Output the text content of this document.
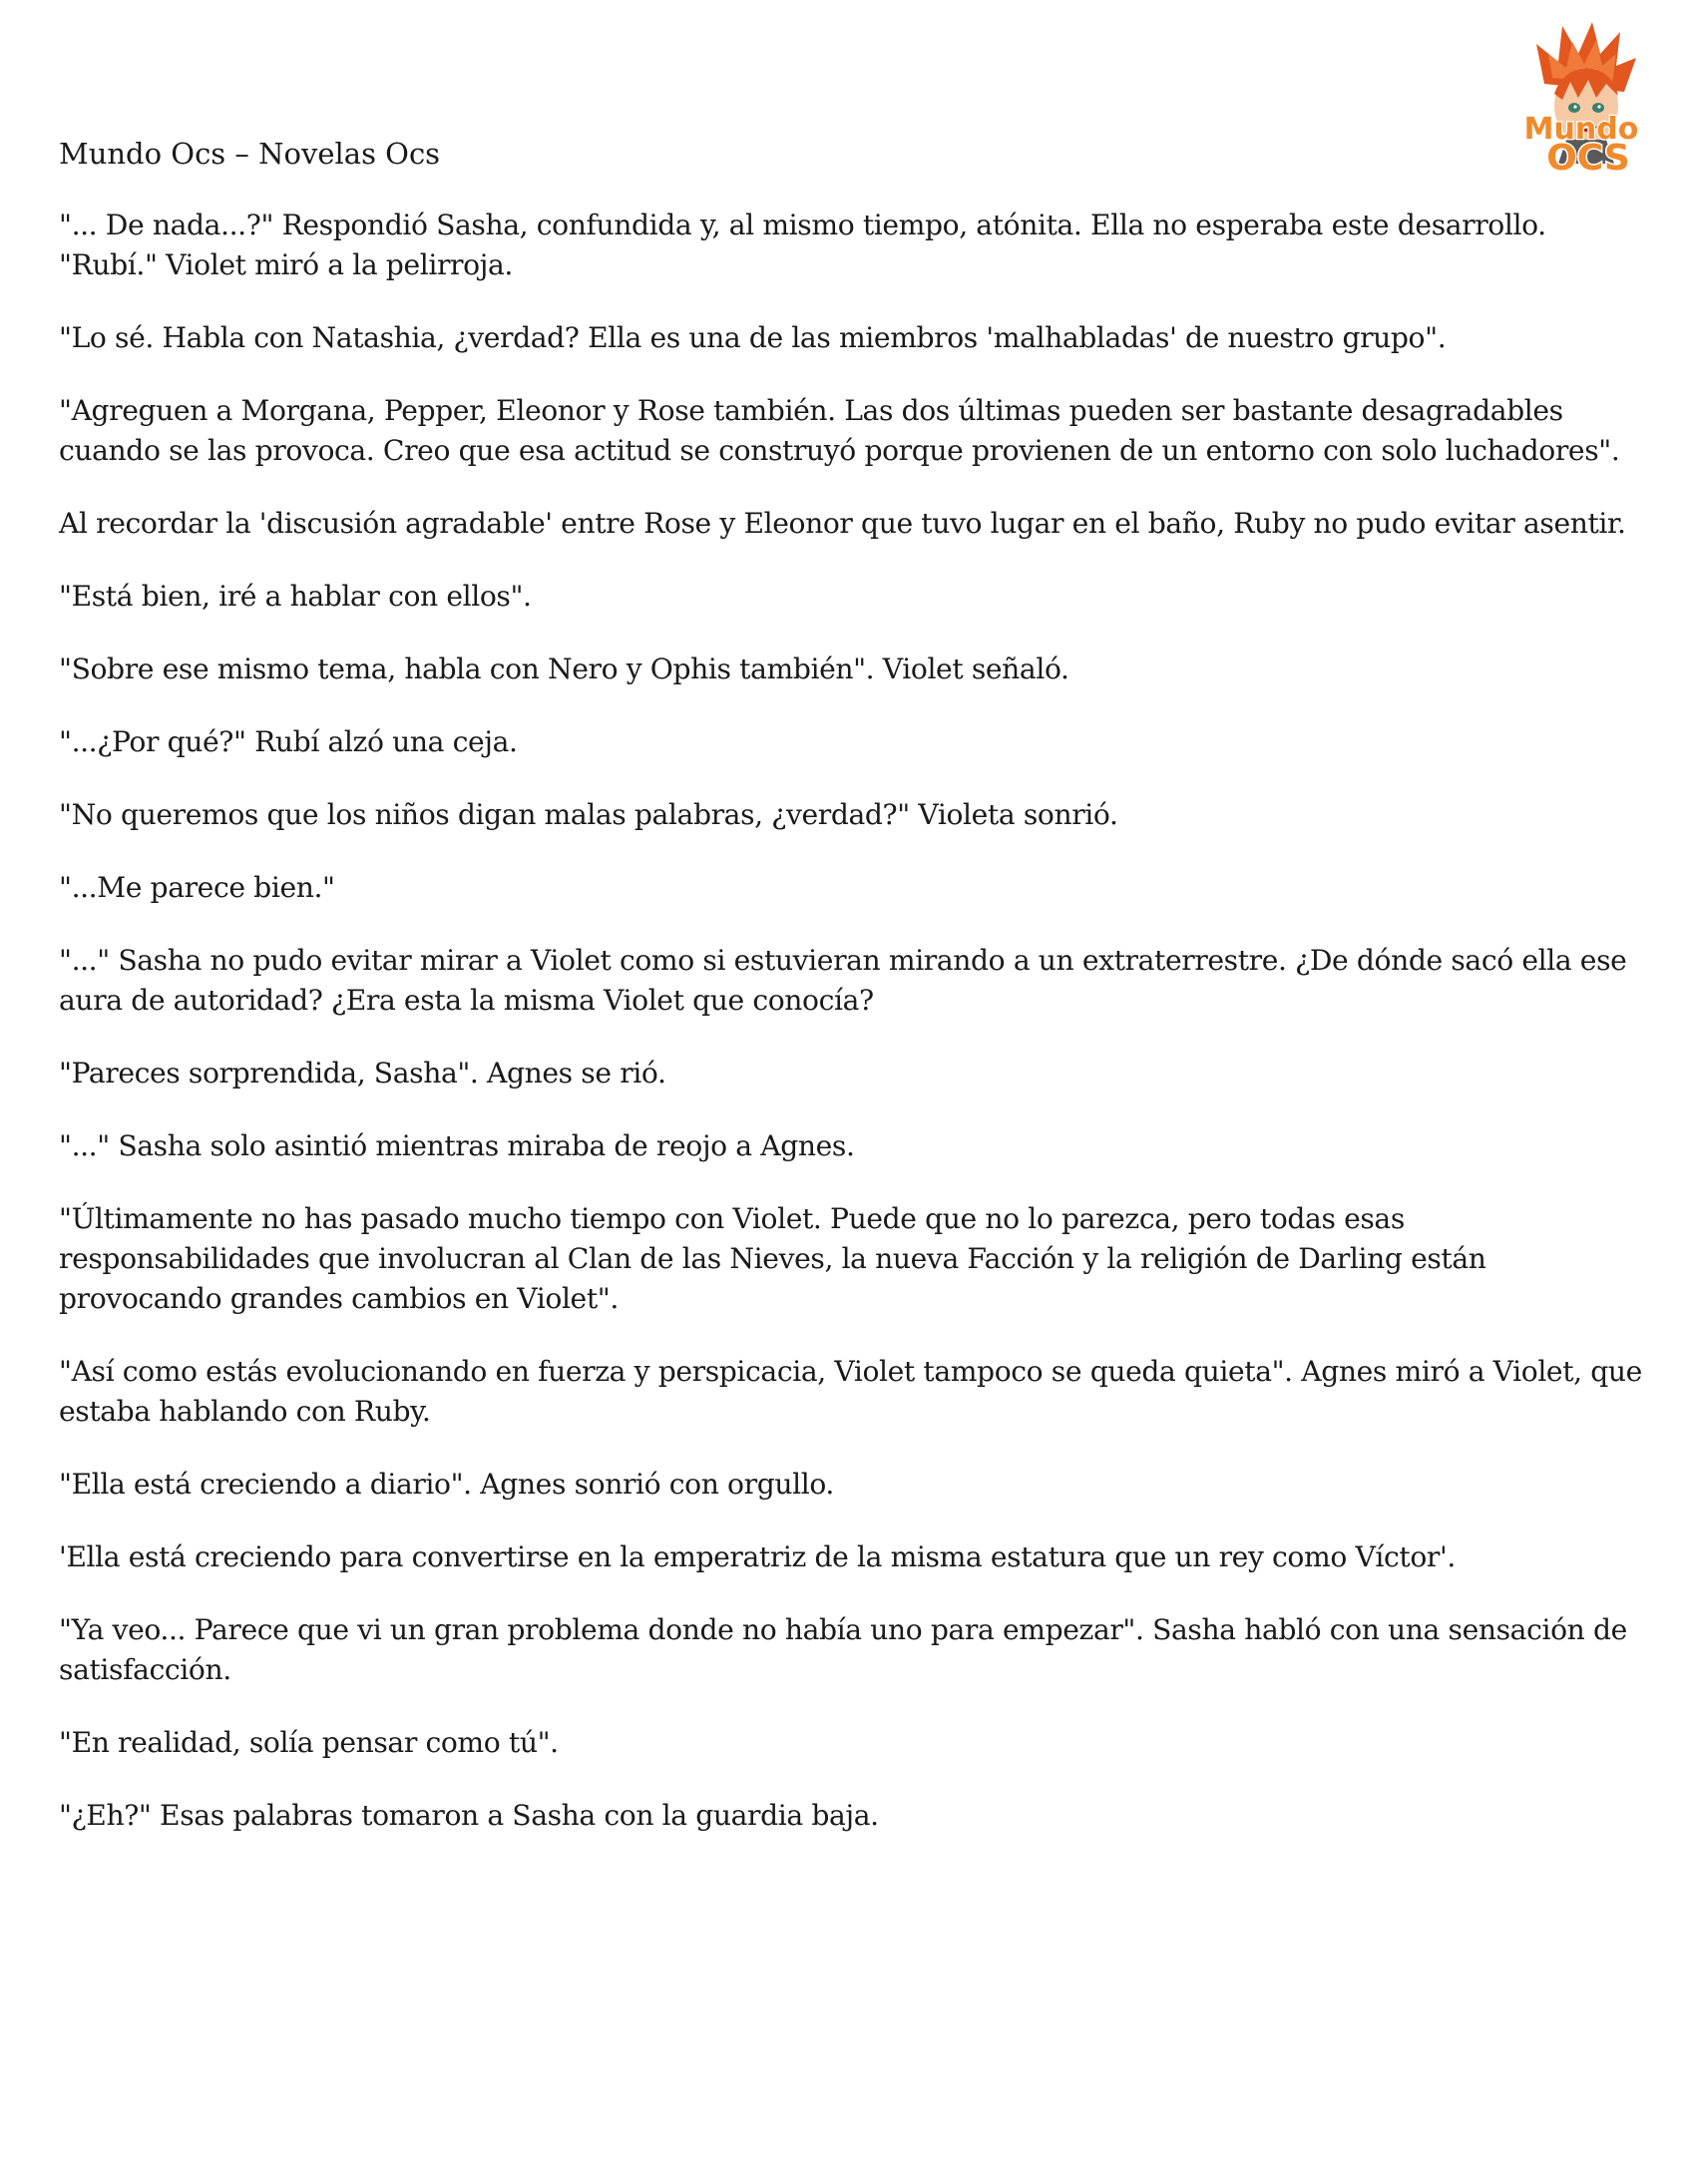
Mundo
OCS
Mundo Ocs – Novelas Ocs

"... De nada...?" Respondió Sasha, confundida y, al mismo tiempo, atónita. Ella no esperaba este desarrollo. "Rubí." Violet miró a la pelirroja.

"Lo sé. Habla con Natashia, ¿verdad? Ella es una de las miembros 'malhabladas' de nuestro grupo".

"Agreguen a Morgana, Pepper, Eleonor y Rose también. Las dos últimas pueden ser bastante desagradables cuando se las provoca. Creo que esa actitud se construyó porque provienen de un entorno con solo luchadores".

Al recordar la 'discusión agradable' entre Rose y Eleonor que tuvo lugar en el baño, Ruby no pudo evitar asentir.

"Está bien, iré a hablar con ellos".

"Sobre ese mismo tema, habla con Nero y Ophis también". Violet señaló.

"...¿Por qué?" Rubí alzó una ceja.

"No queremos que los niños digan malas palabras, ¿verdad?" Violeta sonrió.

"...Me parece bien."

"..." Sasha no pudo evitar mirar a Violet como si estuvieran mirando a un extraterrestre. ¿De dónde sacó ella ese aura de autoridad? ¿Era esta la misma Violet que conocía?

"Pareces sorprendida, Sasha". Agnes se rió.

"..." Sasha solo asintió mientras miraba de reojo a Agnes.

"Últimamente no has pasado mucho tiempo con Violet. Puede que no lo parezca, pero todas esas responsabilidades que involucran al Clan de las Nieves, la nueva Facción y la religión de Darling están provocando grandes cambios en Violet".

"Así como estás evolucionando en fuerza y perspicacia, Violet tampoco se queda quieta". Agnes miró a Violet, que estaba hablando con Ruby.

"Ella está creciendo a diario". Agnes sonrió con orgullo.

'Ella está creciendo para convertirse en la emperatriz de la misma estatura que un rey como Víctor'.

"Ya veo... Parece que vi un gran problema donde no había uno para empezar". Sasha habló con una sensación de satisfacción.

"En realidad, solía pensar como tú".

"¿Eh?" Esas palabras tomaron a Sasha con la guardia baja.
